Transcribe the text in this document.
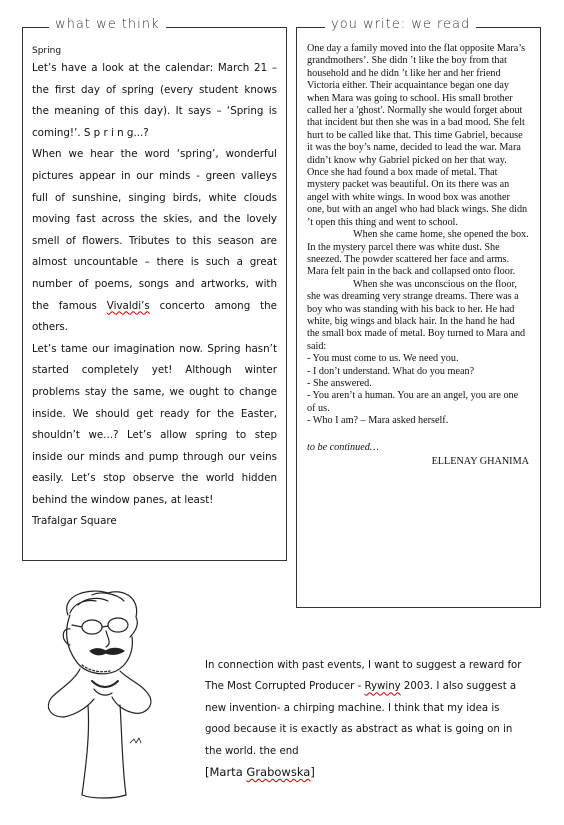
what we think

Spring

Let’s have a look at the calendar: March 21 – the first day of spring (every student knows the meaning of this day). It says – ‘Spring is coming!’. S p r i n g...?

When we hear the word ‘spring’, wonderful pictures appear in our minds - green valleys full of sunshine, singing birds, white clouds moving fast across the skies, and the lovely smell of flowers. Tributes to this season are almost uncountable – there is such a great number of poems, songs and artworks, with the famous Vivaldi’s concerto among the others.

Let’s tame our imagination now. Spring hasn’t started completely yet! Although winter problems stay the same, we ought to change inside. We should get ready for the Easter, shouldn’t we...? Let’s allow spring to step inside our minds and pump through our veins easily. Let’s stop observe the world hidden behind the window panes, at least!

Trafalgar Square

you write: we read

One day a family moved into the flat opposite Mara’s grandmothers’. She didn ’t like the boy from that household and he didn ’t like her and her friend Victoria either. Their acquaintance began one day when Mara was going to school. His small brother called her a 'ghost'. Normally she would forget about that incident but then she was in a bad mood. She felt hurt to be called like that. This time Gabriel, because it was the boy’s name, decided to lead the war. Mara didn’t know why Gabriel picked on her that way.

Once she had found a box made of metal. That mystery packet was beautiful. On its there was an angel with white wings. In wood box was another one, but with an angel who had black wings. She didn ’t open this thing and went to school.

When she came home, she opened the box. In the mystery parcel there was white dust. She sneezed. The powder scattered her face and arms. Mara felt pain in the back and collapsed onto floor.

When she was unconscious on the floor, she was dreaming very strange dreams. There was a boy who was standing with his back to her. He had white, big wings and black hair. In the hand he had the small box made of metal. Boy turned to Mara and said:

- You must come to us. We need you.

- I don’t understand. What do you mean?

- She answered.

- You aren’t a human. You are an angel, you are one of us.

- Who I am? – Mara asked herself.

to be continued…

ELLENAY GHANIMA

In connection with past events, I want to suggest a reward for The Most Corrupted Producer - Rywiny 2003. I also suggest a new invention- a chirping machine. I think that my idea is good because it is exactly as abstract as what is going on in the world. the end

[Marta Grabowska]
